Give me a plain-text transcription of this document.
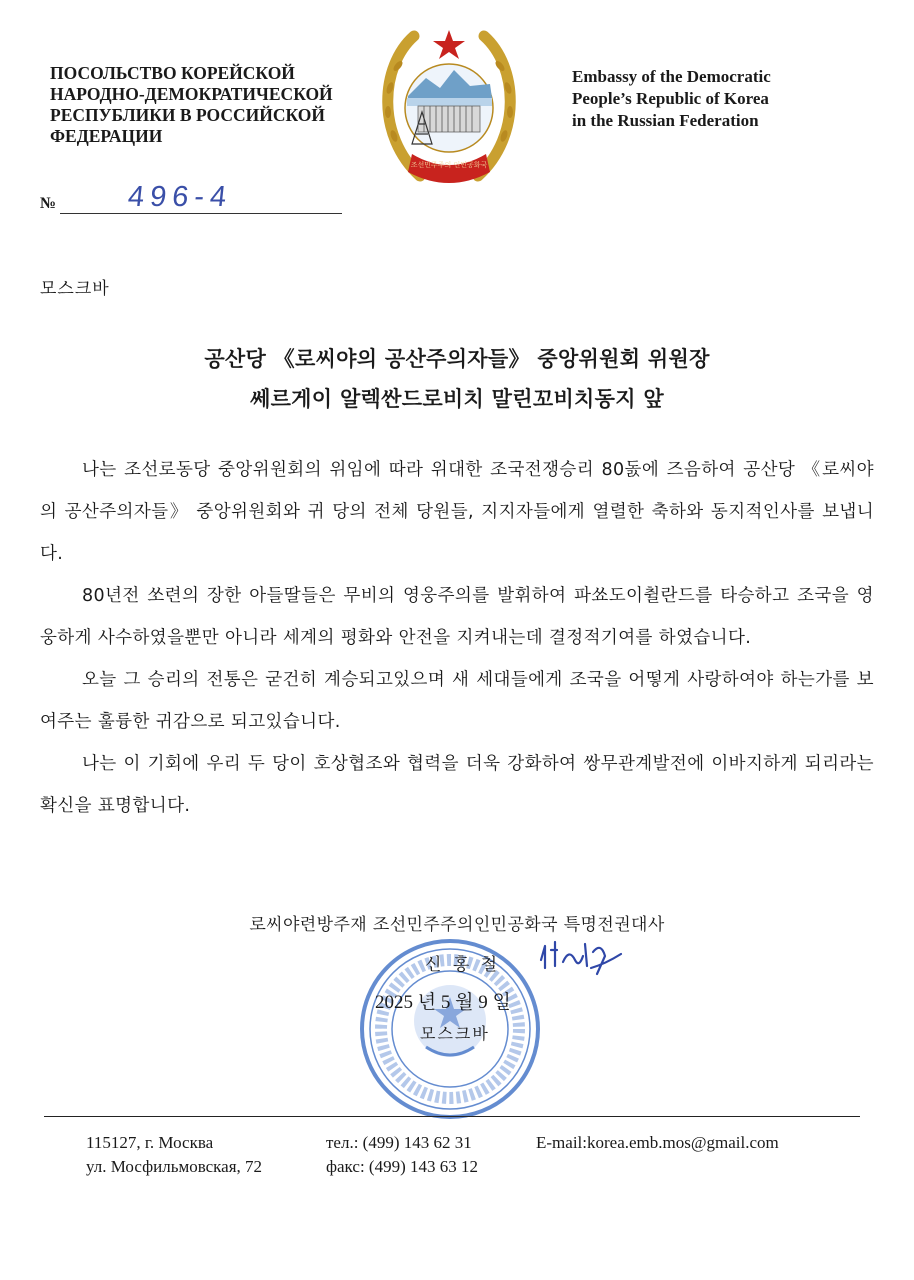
ПОСОЛЬСТВО КОРЕЙСКОЙ
НАРОДНО-ДЕМОКРАТИЧЕСКОЙ
РЕСПУБЛИКИ В РОССИЙСКОЙ
ФЕДЕРАЦИИ
조선민주주의 인민공화국
Embassy of the Democratic
People’s Republic of Korea
in the Russian Federation
№ 496-4
모스크바
공산당 《로씨야의 공산주의자들》 중앙위원회 위원장
쎄르게이 알렉싼드로비치 말린꼬비치동지 앞

나는 조선로동당 중앙위원회의 위임에 따라 위대한 조국전쟁승리 80돐에 즈음하여 공산당 《로씨야의 공산주의자들》 중앙위원회와 귀 당의 전체 당원들, 지지자들에게 열렬한 축하와 동지적인사를 보냅니다.

80년전 쏘련의 장한 아들딸들은 무비의 영웅주의를 발휘하여 파쑈도이췰란드를 타승하고 조국을 영웅하게 사수하였을뿐만 아니라 세계의 평화와 안전을 지켜내는데 결정적기여를 하였습니다.

오늘 그 승리의 전통은 굳건히 계승되고있으며 새 세대들에게 조국을 어떻게 사랑하여야 하는가를 보여주는 훌륭한 귀감으로 되고있습니다.

나는 이 기회에 우리 두 당이 호상협조와 협력을 더욱 강화하여 쌍무관계발전에 이바지하게 되리라는 확신을 표명합니다.

로씨야련방주재 조선민주주의인민공화국 특명전권대사
신 홍 철
2025 년 5 월 9 일
모스크바
115127, г. Москва
ул. Мосфильмовская, 72
тел.: (499) 143 62 31
факс: (499) 143 63 12
E-mail:korea.emb.mos@gmail.com
